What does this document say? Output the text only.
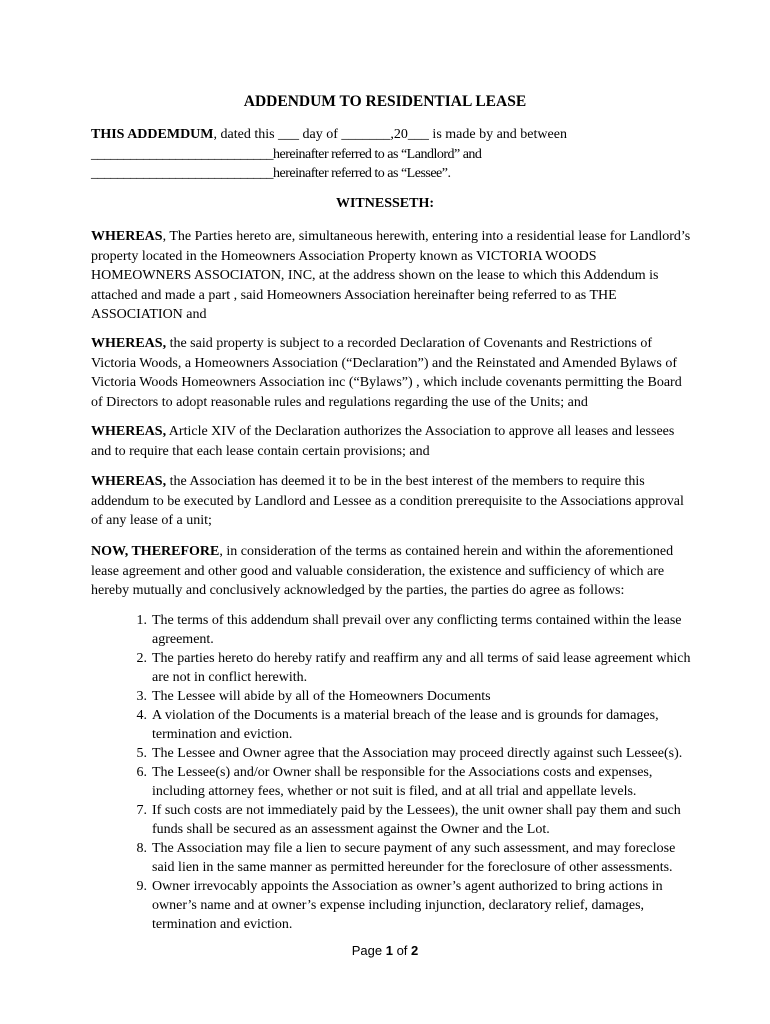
ADDENDUM TO RESIDENTIAL LEASE
THIS ADDEMDUM, dated this ___ day of _______,20___ is made by and between
____________________________hereinafter referred to as “Landlord” and
____________________________hereinafter referred to as “Lessee”.
WITNESSETH:
WHEREAS, The Parties hereto are, simultaneous herewith, entering into a residential lease for Landlord’s property located in the Homeowners Association Property known as VICTORIA WOODS HOMEOWNERS ASSOCIATON, INC, at the address shown on the lease to which this Addendum is attached and made a part , said Homeowners Association hereinafter being referred to as THE ASSOCIATION and
WHEREAS, the said property is subject to a recorded Declaration of Covenants and Restrictions of Victoria Woods, a Homeowners Association (“Declaration”) and the Reinstated and Amended Bylaws of Victoria Woods Homeowners Association inc (“Bylaws”) , which include covenants permitting the Board of Directors to adopt reasonable rules and regulations regarding the use of the Units; and
WHEREAS, Article XIV of the Declaration authorizes the Association to approve all leases and lessees and to require that each lease contain certain provisions; and
WHEREAS, the Association has deemed it to be in the best interest of the members to require this addendum to be executed by Landlord and Lessee as a condition prerequisite to the Associations approval of any lease of a unit;
NOW, THEREFORE, in consideration of the terms as contained herein and within the aforementioned lease agreement and other good and valuable consideration, the existence and sufficiency of which are hereby mutually and conclusively acknowledged by the parties, the parties do agree as follows:
1. The terms of this addendum shall prevail over any conflicting terms contained within the lease agreement.
2. The parties hereto do hereby ratify and reaffirm any and all terms of said lease agreement which are not in conflict herewith.
3. The Lessee will abide by all of the Homeowners Documents
4. A violation of the Documents is a material breach of the lease and is grounds for damages, termination and eviction.
5. The Lessee and Owner agree that the Association may proceed directly against such Lessee(s).
6. The Lessee(s) and/or Owner shall be responsible for the Associations costs and expenses, including attorney fees, whether or not suit is filed, and at all trial and appellate levels.
7. If such costs are not immediately paid by the Lessees), the unit owner shall pay them and such funds shall be secured as an assessment against the Owner and the Lot.
8. The Association may file a lien to secure payment of any such assessment, and may foreclose said lien in the same manner as permitted hereunder for the foreclosure of other assessments.
9. Owner irrevocably appoints the Association as owner’s agent authorized to bring actions in owner’s name and at owner’s expense including injunction, declaratory relief, damages, termination and eviction.
Page 1 of 2
